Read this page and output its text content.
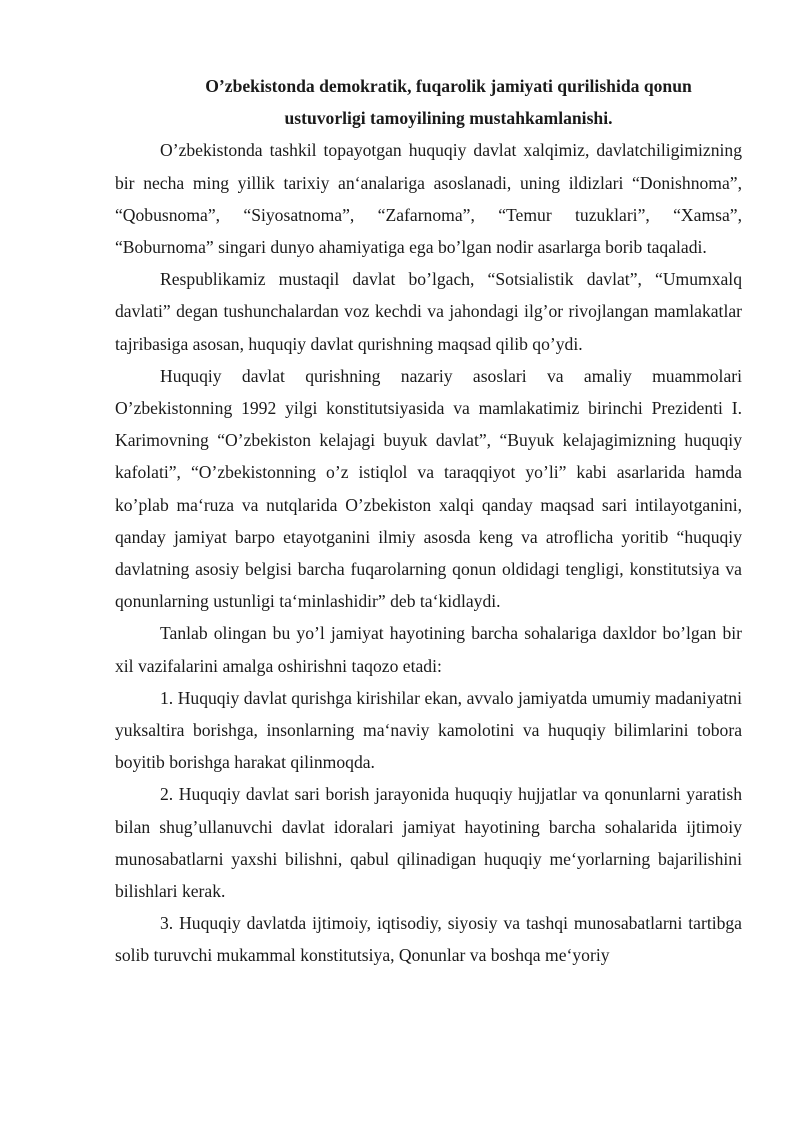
O’zbekistonda demokratik, fuqarolik jamiyati qurilishida qonun
ustuvorligi tamoyilining mustahkamlanishi.

O’zbekistonda tashkil topayotgan huquqiy davlat xalqimiz, davlatchiligimizning bir necha ming yillik tarixiy an‘analariga asoslanadi, uning ildizlari “Donishnoma”, “Qobusnoma”, “Siyosatnoma”, “Zafarnoma”, “Temur tuzuklari”, “Xamsa”, “Boburnoma” singari dunyo ahamiyatiga ega bo’lgan nodir asarlarga borib taqaladi.

Respublikamiz mustaqil davlat bo’lgach, “Sotsialistik davlat”, “Umumxalq davlati” degan tushunchalardan voz kechdi va jahondagi ilg’or rivojlangan mamlakatlar tajribasiga asosan, huquqiy davlat qurishning maqsad qilib qo’ydi.

Huquqiy davlat qurishning nazariy asoslari va amaliy muammolari O’zbekistonning 1992 yilgi konstitutsiyasida va mamlakatimiz birinchi Prezidenti I. Karimovning “O’zbekiston kelajagi buyuk davlat”, “Buyuk kelajagimizning huquqiy kafolati”, “O’zbekistonning o’z istiqlol va taraqqiyot yo’li” kabi asarlarida hamda ko’plab ma‘ruza va nutqlarida O’zbekiston xalqi qanday maqsad sari intilayotganini, qanday jamiyat barpo etayotganini ilmiy asosda keng va atroflicha yoritib “huquqiy davlatning asosiy belgisi barcha fuqarolarning qonun oldidagi tengligi, konstitutsiya va qonunlarning ustunligi ta‘minlashidir” deb ta‘kidlaydi.

Tanlab olingan bu yo’l jamiyat hayotining barcha sohalariga daxldor bo’lgan bir xil vazifalarini amalga oshirishni taqozo etadi:

1. Huquqiy davlat qurishga kirishilar ekan, avvalo jamiyatda umumiy madaniyatni yuksaltira borishga, insonlarning ma‘naviy kamolotini va huquqiy bilimlarini tobora boyitib borishga harakat qilinmoqda.

2. Huquqiy davlat sari borish jarayonida huquqiy hujjatlar va qonunlarni yaratish bilan shug’ullanuvchi davlat idoralari jamiyat hayotining barcha sohalarida ijtimoiy munosabatlarni yaxshi bilishni, qabul qilinadigan huquqiy me‘yorlarning bajarilishini bilishlari kerak.

3. Huquqiy davlatda ijtimoiy, iqtisodiy, siyosiy va tashqi munosabatlarni tartibga solib turuvchi mukammal konstitutsiya, Qonunlar va boshqa me‘yoriy
